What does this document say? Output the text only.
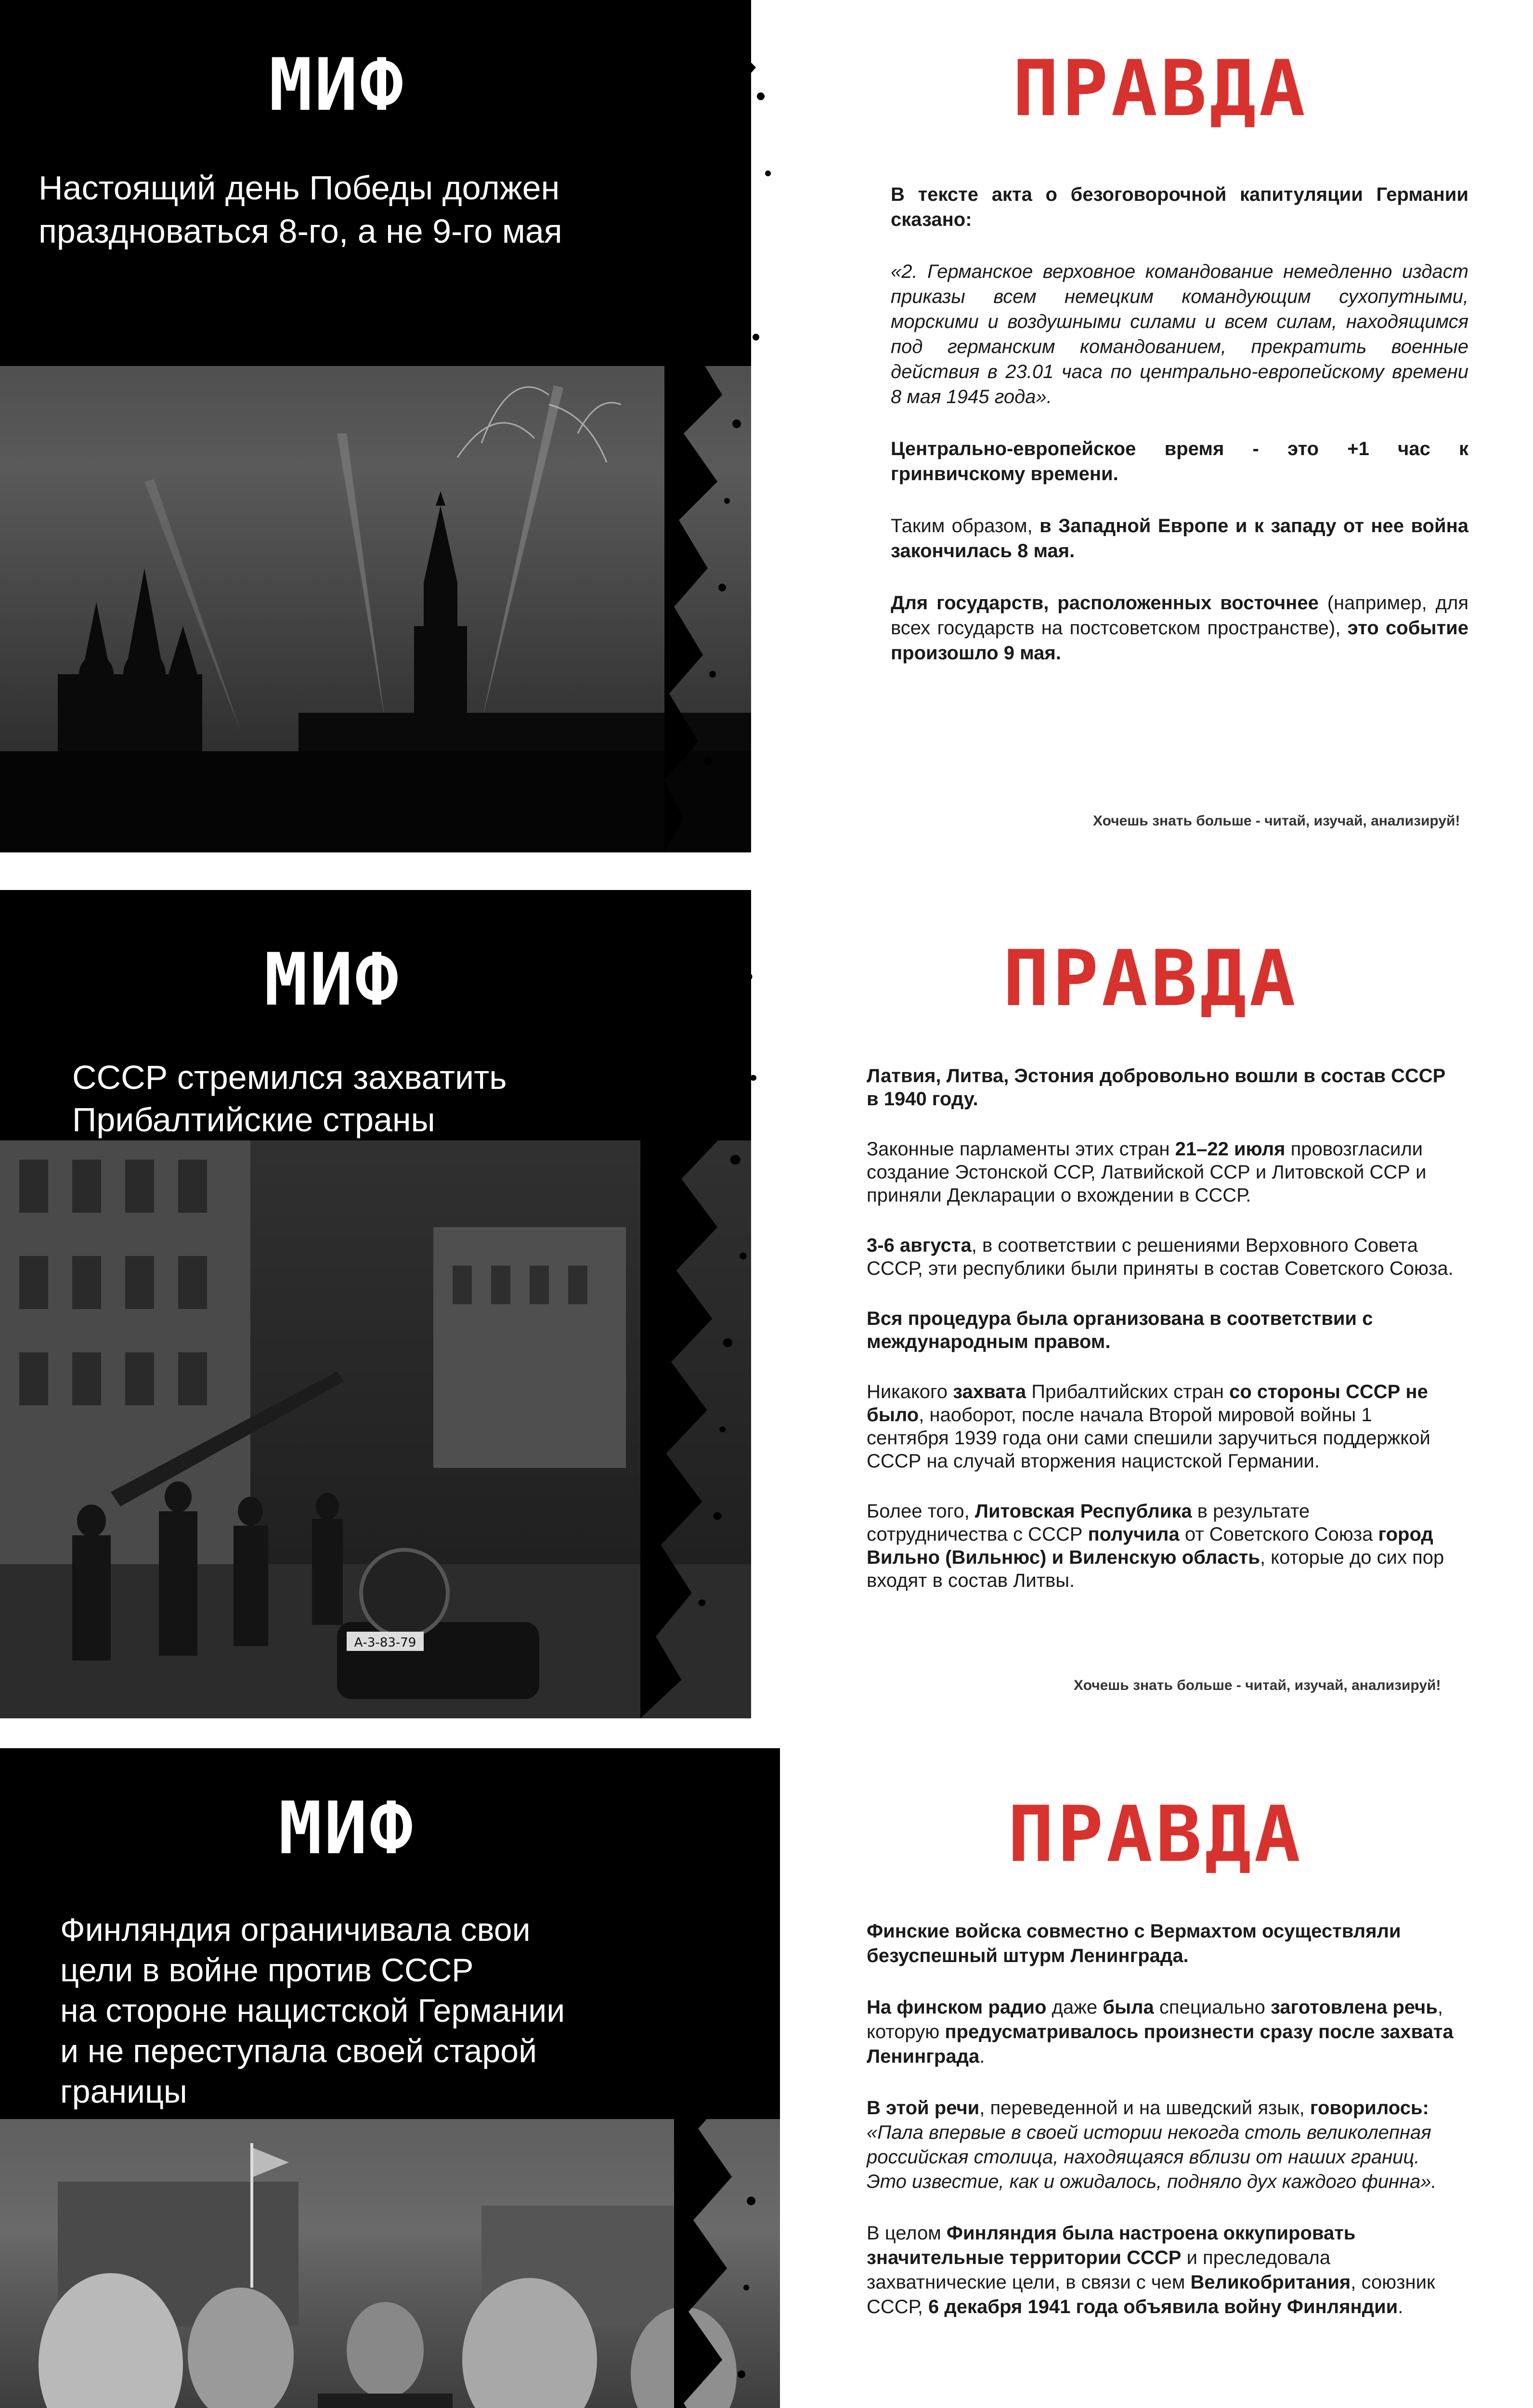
МИФ
Настоящий день Победы должен
праздноваться 8-го, а не 9-го мая
ПРАВДА

В тексте акта о безоговорочной капитуляции Германии сказано:

«2. Германское верховное командование немедленно издаст приказы всем немецким командующим сухопутными, морскими и воздушными силами и всем силам, находящимся под германским командованием, прекратить военные действия в 23.01 часа по центрально-европейскому времени 8 мая 1945 года».

Центрально-европейское время - это +1 час к гринвичскому времени.

Таким образом, в Западной Европе и к западу от нее война закончилась 8 мая.

Для государств, расположенных восточнее (например, для всех государств на постсоветском пространстве), это событие произошло 9 мая.

Хочешь знать больше - читай, изучай, анализируй!
А-3-83-79
МИФ
СССР стремился захватить
Прибалтийские страны
ПРАВДА

Латвия, Литва, Эстония добровольно вошли в состав СССР в 1940 году.

Законные парламенты этих стран 21–22 июля провозгласили создание Эстонской ССР, Латвийской ССР и Литовской ССР и приняли Декларации о вхождении в СССР.

3-6 августа, в соответствии с решениями Верховного Совета СССР, эти республики были приняты в состав Советского Союза.

Вся процедура была организована в соответствии с международным правом.

Никакого захвата Прибалтийских стран со стороны СССР не было, наоборот, после начала Второй мировой войны 1 сентября 1939 года они сами спешили заручиться поддержкой СССР на случай вторжения нацистской Германии.

Более того, Литовская Республика в результате сотрудничества с СССР получила от Советского Союза город Вильно (Вильнюс) и Виленскую область, которые до сих пор входят в состав Литвы.

Хочешь знать больше - читай, изучай, анализируй!
МИФ
Финляндия ограничивала свои
цели в войне против СССР
на стороне нацистской Германии
и не переступала своей старой
границы
ПРАВДА

Финские войска совместно с Вермахтом осуществляли безуспешный штурм Ленинграда.

На финском радио даже была специально заготовлена речь, которую предусматривалось произнести сразу после захвата Ленинграда.

В этой речи, переведенной и на шведский язык, говорилось: «Пала впервые в своей истории некогда столь великолепная российская столица, находящаяся вблизи от наших границ. Это известие, как и ожидалось, подняло дух каждого финна».

В целом Финляндия была настроена оккупировать значительные территории СССР и преследовала захватнические цели, в связи с чем Великобритания, союзник СССР, 6 декабря 1941 года объявила войну Финляндии.
